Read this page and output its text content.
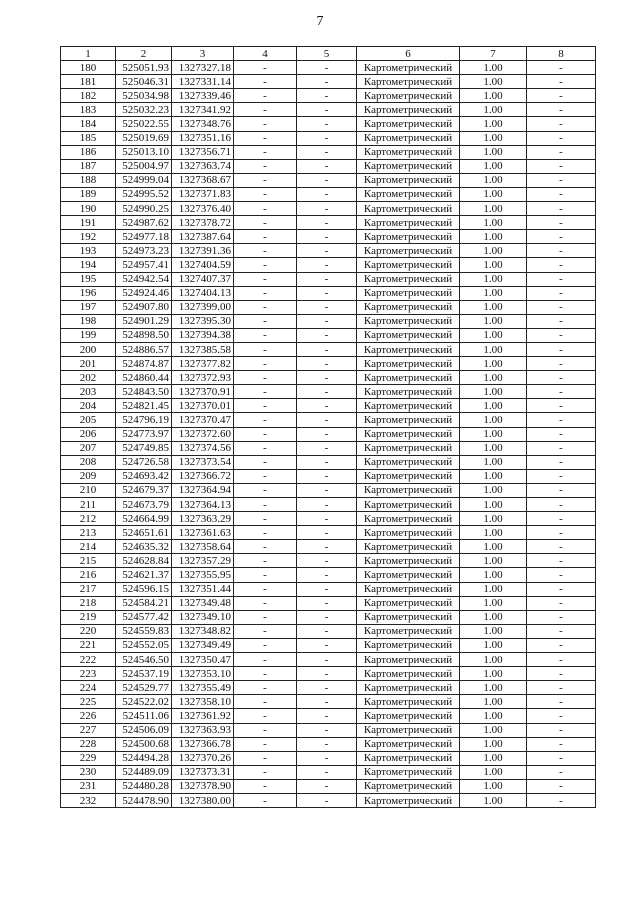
7
1	2	3	4	5	6	7	8
180	525051.93	1327327.18	-	-	Картометрический	1.00	-
181	525046.31	1327331.14	-	-	Картометрический	1.00	-
182	525034.98	1327339.46	-	-	Картометрический	1.00	-
183	525032.23	1327341.92	-	-	Картометрический	1.00	-
184	525022.55	1327348.76	-	-	Картометрический	1.00	-
185	525019.69	1327351.16	-	-	Картометрический	1.00	-
186	525013.10	1327356.71	-	-	Картометрический	1.00	-
187	525004.97	1327363.74	-	-	Картометрический	1.00	-
188	524999.04	1327368.67	-	-	Картометрический	1.00	-
189	524995.52	1327371.83	-	-	Картометрический	1.00	-
190	524990.25	1327376.40	-	-	Картометрический	1.00	-
191	524987.62	1327378.72	-	-	Картометрический	1.00	-
192	524977.18	1327387.64	-	-	Картометрический	1.00	-
193	524973.23	1327391.36	-	-	Картометрический	1.00	-
194	524957.41	1327404.59	-	-	Картометрический	1.00	-
195	524942.54	1327407.37	-	-	Картометрический	1.00	-
196	524924.46	1327404.13	-	-	Картометрический	1.00	-
197	524907.80	1327399.00	-	-	Картометрический	1.00	-
198	524901.29	1327395.30	-	-	Картометрический	1.00	-
199	524898.50	1327394.38	-	-	Картометрический	1.00	-
200	524886.57	1327385.58	-	-	Картометрический	1.00	-
201	524874.87	1327377.82	-	-	Картометрический	1.00	-
202	524860.44	1327372.93	-	-	Картометрический	1.00	-
203	524843.50	1327370.91	-	-	Картометрический	1.00	-
204	524821.45	1327370.01	-	-	Картометрический	1.00	-
205	524796.19	1327370.47	-	-	Картометрический	1.00	-
206	524773.97	1327372.60	-	-	Картометрический	1.00	-
207	524749.85	1327374.56	-	-	Картометрический	1.00	-
208	524726.58	1327373.54	-	-	Картометрический	1.00	-
209	524693.42	1327366.72	-	-	Картометрический	1.00	-
210	524679.37	1327364.94	-	-	Картометрический	1.00	-
211	524673.79	1327364.13	-	-	Картометрический	1.00	-
212	524664.99	1327363.29	-	-	Картометрический	1.00	-
213	524651.61	1327361.63	-	-	Картометрический	1.00	-
214	524635.32	1327358.64	-	-	Картометрический	1.00	-
215	524628.84	1327357.29	-	-	Картометрический	1.00	-
216	524621.37	1327355.95	-	-	Картометрический	1.00	-
217	524596.15	1327351.44	-	-	Картометрический	1.00	-
218	524584.21	1327349.48	-	-	Картометрический	1.00	-
219	524577.42	1327349.10	-	-	Картометрический	1.00	-
220	524559.83	1327348.82	-	-	Картометрический	1.00	-
221	524552.05	1327349.49	-	-	Картометрический	1.00	-
222	524546.50	1327350.47	-	-	Картометрический	1.00	-
223	524537.19	1327353.10	-	-	Картометрический	1.00	-
224	524529.77	1327355.49	-	-	Картометрический	1.00	-
225	524522.02	1327358.10	-	-	Картометрический	1.00	-
226	524511.06	1327361.92	-	-	Картометрический	1.00	-
227	524506.09	1327363.93	-	-	Картометрический	1.00	-
228	524500.68	1327366.78	-	-	Картометрический	1.00	-
229	524494.28	1327370.26	-	-	Картометрический	1.00	-
230	524489.09	1327373.31	-	-	Картометрический	1.00	-
231	524480.28	1327378.90	-	-	Картометрический	1.00	-
232	524478.90	1327380.00	-	-	Картометрический	1.00	-
